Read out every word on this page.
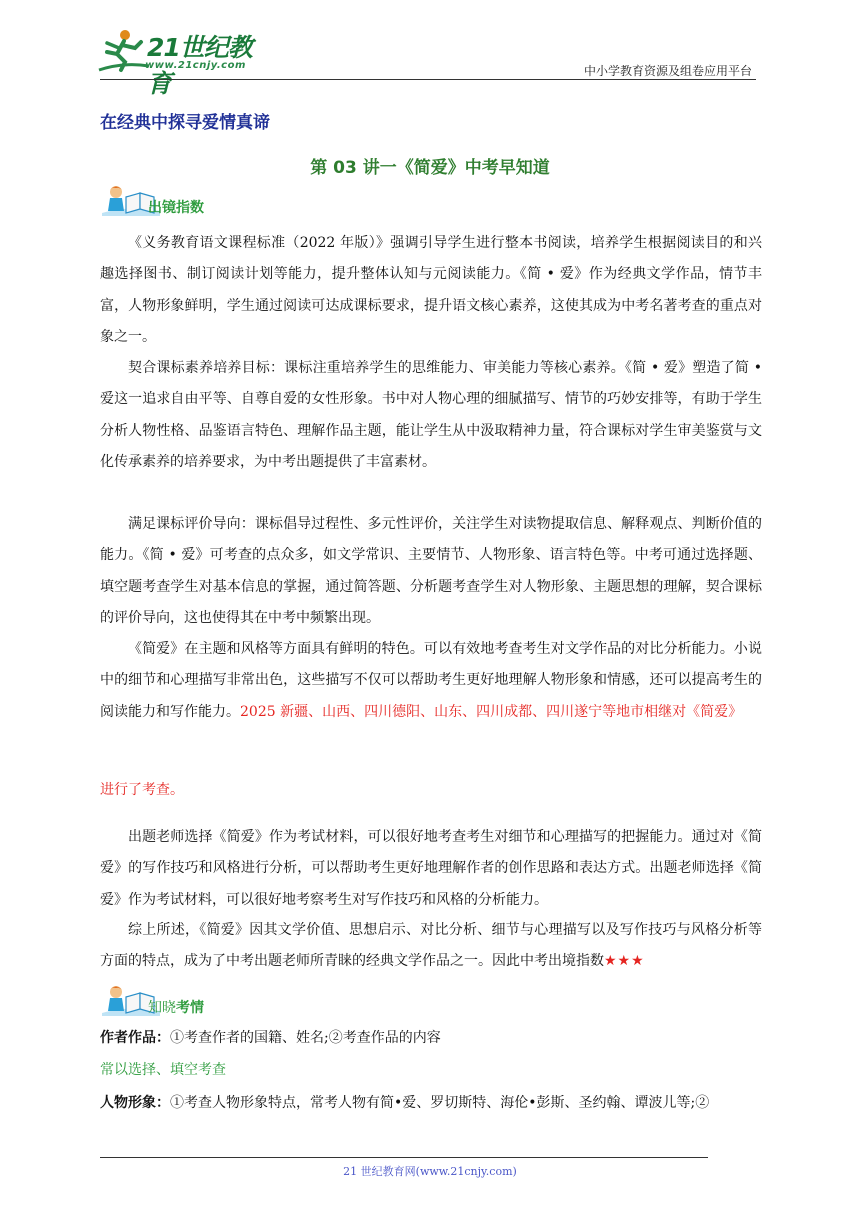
21世纪教育
www.21cnjy.com	中小学教育资源及组卷应用平台
在经典中探寻爱情真谛
第 03 讲一《简爱》中考早知道
出镜指数

《义务教育语文课程标准（2022 年版）》强调引导学生进行整本书阅读，培养学生根据阅读目的和兴趣选择图书、制订阅读计划等能力，提升整体认知与元阅读能力。《简 • 爱》作为经典文学作品，情节丰富，人物形象鲜明，学生通过阅读可达成课标要求，提升语文核心素养，这使其成为中考名著考查的重点对象之一。

契合课标素养培养目标：课标注重培养学生的思维能力、审美能力等核心素养。《简 • 爱》塑造了简 • 爱这一追求自由平等、自尊自爱的女性形象。书中对人物心理的细腻描写、情节的巧妙安排等，有助于学生分析人物性格、品鉴语言特色、理解作品主题，能让学生从中汲取精神力量，符合课标对学生审美鉴赏与文化传承素养的培养要求，为中考出题提供了丰富素材。

满足课标评价导向：课标倡导过程性、多元性评价，关注学生对读物提取信息、解释观点、判断价值的能力。《简 • 爱》可考查的点众多，如文学常识、主要情节、人物形象、语言特色等。中考可通过选择题、填空题考查学生对基本信息的掌握，通过简答题、分析题考查学生对人物形象、主题思想的理解，契合课标的评价导向，这也使得其在中考中频繁出现。

《简爱》在主题和风格等方面具有鲜明的特色。可以有效地考查考生对文学作品的对比分析能力。小说中的细节和心理描写非常出色，这些描写不仅可以帮助考生更好地理解人物形象和情感，还可以提高考生的阅读能力和写作能力。2025 新疆、山西、四川德阳、山东、四川成都、四川遂宁等地市相继对《简爱》

进行了考查。

出题老师选择《简爱》作为考试材料，可以很好地考查考生对细节和心理描写的把握能力。通过对《简爱》的写作技巧和风格进行分析，可以帮助考生更好地理解作者的创作思路和表达方式。出题老师选择《简爱》作为考试材料，可以很好地考察考生对写作技巧和风格的分析能力。

综上所述，《简爱》因其文学价值、思想启示、对比分析、细节与心理描写以及写作技巧与风格分析等方面的特点，成为了中考出题老师所青睐的经典文学作品之一。因此中考出境指数★★★

知晓考情

作者作品：①考查作者的国籍、姓名;②考查作品的内容

常以选择、填空考查

人物形象：①考查人物形象特点，常考人物有简•爱、罗切斯特、海伦•彭斯、圣约翰、谭波儿等;②

21 世纪教育网(www.21cnjy.com)
